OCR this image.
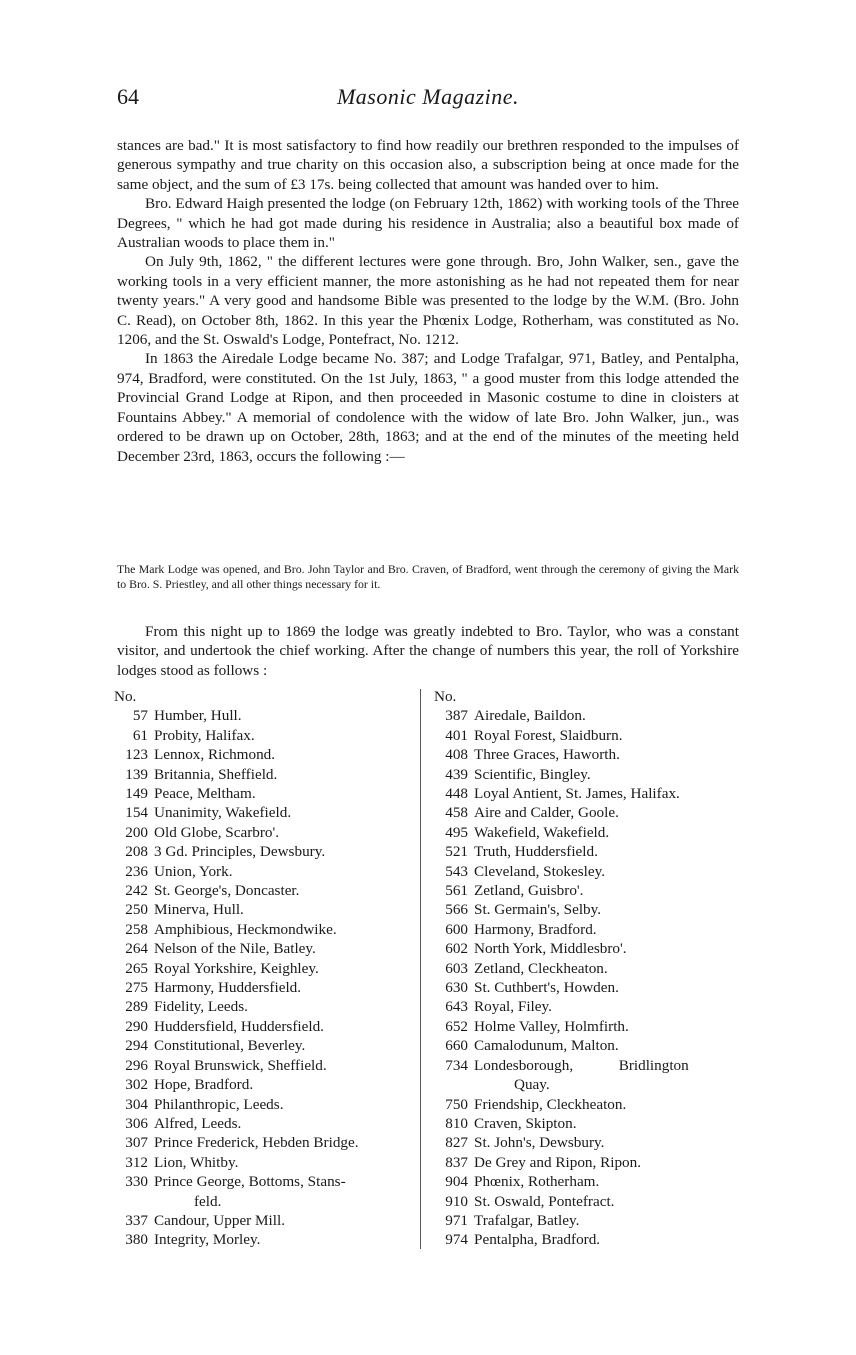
64	Masonic Magazine.

stances are bad." It is most satisfactory to find how readily our brethren responded to the impulses of generous sympathy and true charity on this occasion also, a subscription being at once made for the same object, and the sum of £3 17s. being collected that amount was handed over to him.

Bro. Edward Haigh presented the lodge (on February 12th, 1862) with working tools of the Three Degrees, " which he had got made during his residence in Australia; also a beautiful box made of Australian woods to place them in."

On July 9th, 1862, " the different lectures were gone through. Bro, John Walker, sen., gave the working tools in a very efficient manner, the more astonishing as he had not repeated them for near twenty years." A very good and handsome Bible was presented to the lodge by the W.M. (Bro. John C. Read), on October 8th, 1862. In this year the Phœnix Lodge, Rotherham, was constituted as No. 1206, and the St. Oswald's Lodge, Pontefract, No. 1212.

In 1863 the Airedale Lodge became No. 387; and Lodge Trafalgar, 971, Batley, and Pentalpha, 974, Bradford, were constituted. On the 1st July, 1863, " a good muster from this lodge attended the Provincial Grand Lodge at Ripon, and then proceeded in Masonic costume to dine in cloisters at Fountains Abbey." A memorial of condolence with the widow of late Bro. John Walker, jun., was ordered to be drawn up on October, 28th, 1863; and at the end of the minutes of the meeting held December 23rd, 1863, occurs the following :—

The Mark Lodge was opened, and Bro. John Taylor and Bro. Craven, of Bradford, went through the ceremony of giving the Mark to Bro. S. Priestley, and all other things necessary for it.
From this night up to 1869 the lodge was greatly indebted to Bro. Taylor, who was a constant visitor, and undertook the chief working. After the change of numbers this year, the roll of Yorkshire lodges stood as follows :
No.
57 Humber, Hull.
61 Probity, Halifax.
123 Lennox, Richmond.
139 Britannia, Sheffield.
149 Peace, Meltham.
154 Unanimity, Wakefield.
200 Old Globe, Scarbro'.
208 3 Gd. Principles, Dewsbury.
236 Union, York.
242 St. George's, Doncaster.
250 Minerva, Hull.
258 Amphibious, Heckmondwike.
264 Nelson of the Nile, Batley.
265 Royal Yorkshire, Keighley.
275 Harmony, Huddersfield.
289 Fidelity, Leeds.
290 Huddersfield, Huddersfield.
294 Constitutional, Beverley.
296 Royal Brunswick, Sheffield.
302 Hope, Bradford.
304 Philanthropic, Leeds.
306 Alfred, Leeds.
307 Prince Frederick, Hebden Bridge.
312 Lion, Whitby.
330 Prince George, Bottoms, Stans-
feld.
337 Candour, Upper Mill.
380 Integrity, Morley.
No.
387 Airedale, Baildon.
401 Royal Forest, Slaidburn.
408 Three Graces, Haworth.
439 Scientific, Bingley.
448 Loyal Antient, St. James, Halifax.
458 Aire and Calder, Goole.
495 Wakefield, Wakefield.
521 Truth, Huddersfield.
543 Cleveland, Stokesley.
561 Zetland, Guisbro'.
566 St. Germain's, Selby.
600 Harmony, Bradford.
602 North York, Middlesbro'.
603 Zetland, Cleckheaton.
630 St. Cuthbert's, Howden.
643 Royal, Filey.
652 Holme Valley, Holmfirth.
660 Camalodunum, Malton.
734 Londesborough,            Bridlington
Quay.
750 Friendship, Cleckheaton.
810 Craven, Skipton.
827 St. John's, Dewsbury.
837 De Grey and Ripon, Ripon.
904 Phœnix, Rotherham.
910 St. Oswald, Pontefract.
971 Trafalgar, Batley.
974 Pentalpha, Bradford.
